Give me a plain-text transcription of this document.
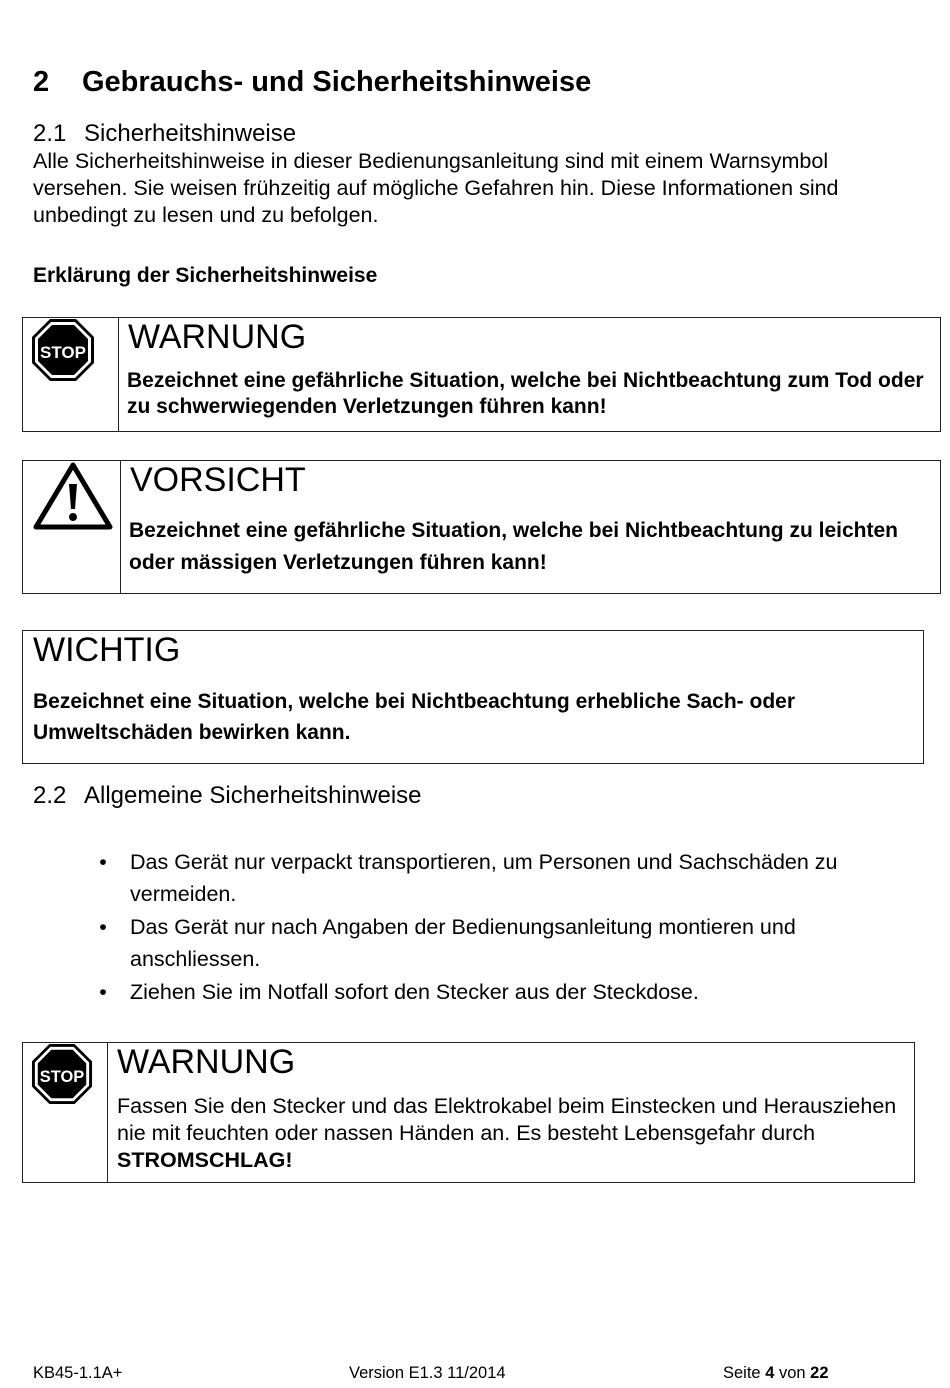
2 Gebrauchs- und Sicherheitshinweise
2.1 Sicherheitshinweise

Alle Sicherheitshinweise in dieser Bedienungsanleitung sind mit einem Warnsymbol versehen. Sie weisen frühzeitig auf mögliche Gefahren hin. Diese Informationen sind unbedingt zu lesen und zu befolgen.

Erklärung der Sicherheitshinweise

STOP WARNUNG

Bezeichnet eine gefährliche Situation, welche bei Nichtbeachtung zum Tod oder zu schwerwiegenden Verletzungen führen kann!

VORSICHT

Bezeichnet eine gefährliche Situation, welche bei Nichtbeachtung zu leichten oder mässigen Verletzungen führen kann!

WICHTIG

Bezeichnet eine Situation, welche bei Nichtbeachtung erhebliche Sach- oder Umweltschäden bewirken kann.

2.2 Allgemeine Sicherheitshinweise
• Das Gerät nur verpackt transportieren, um Personen und Sachschäden zu vermeiden.
• Das Gerät nur nach Angaben der Bedienungsanleitung montieren und anschliessen.
• Ziehen Sie im Notfall sofort den Stecker aus der Steckdose.
STOP WARNUNG

Fassen Sie den Stecker und das Elektrokabel beim Einstecken und Herausziehen nie mit feuchten oder nassen Händen an. Es besteht Lebensgefahr durch STROMSCHLAG!

KB45-1.1A+	Version E1.3 11/2014	Seite 4 von 22
